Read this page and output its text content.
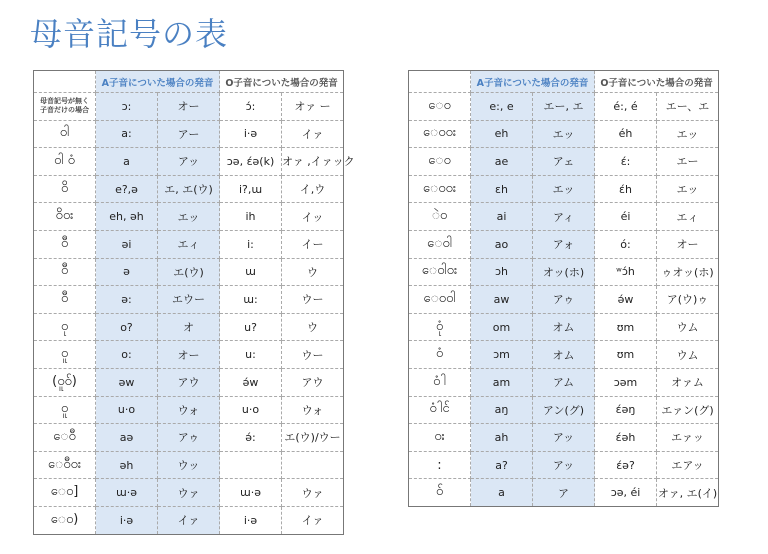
母音記号の表
	A子音についた場合の発音		O子音についた場合の発音	
母音記号が無く
子音だけの場合	ɔ:	オー	ɔ́:	オァ ー
ဝါ	a:	アー	i·ə	イァ
ဝါ ဝံ	a	アッ	ɔə, ɛ́ə(k)	オァ ,イァック
ဝိ	e?,ə	エ, エ(ウ)	i?,ɯ	イ,ウ
ဝိဝး	eh, əh	エッ	ih	イッ
ဝီ	əi	エィ	i:	イー
ဝီ	ə	エ(ウ)	ɯ	ウ
ဝီ	ə:	エウー	ɯ:	ウー
ဝု	o?	オ	u?	ウ
ဝူ	o:	オー	u:	ウー
(ဝူဝ်)	əw	アウ	ə́w	アウ
ဝူ	u·o	ウォ	u·o	ウォ
ေဝီ	aə	アゥ	ə́:	エ(ウ)/ウー
ေဝီဝး	əh	ウッ		
ေဝ]	ɯ·ə	ウァ	ɯ·ə	ウァ
ေဝ)	i·ə	イァ	i·ə	イァ
	A子音についた場合の発音		O子音についた場合の発音	
ေဝ	e:, e	エー, エ	é:, é	エー、エ
ေဝဝး	eh	エッ	éh	エッ
ေဝ	ae	アェ	ɛ́:	エー
ေဝဝး	ɛh	エッ	ɛ́h	エッ
ဲဝ	ai	アィ	éi	エィ
ေဝါ	ao	アォ	ó:	オー
ေဝါဝး	ɔh	オッ(ホ)	ʷɔ́h	ゥオッ(ホ)
ေဝဝါ	aw	アゥ	ə́w	ア(ウ)ゥ
ဝုံ	om	オム	ʊm	ウム
ဝံ	ɔm	オム	ʊm	ウム
ဝါံ	am	アム	ɔəm	オァム
ဝါံင်	aŋ	アン(グ)	ɛ́əŋ	エァン(グ)
ဝး	ah	アッ	ɛ́əh	エァッ
:	a?	アッ	ɛ́ə?	エアッ
ဝ်	a	ア	ɔə, éi	オァ, エ(イ)
